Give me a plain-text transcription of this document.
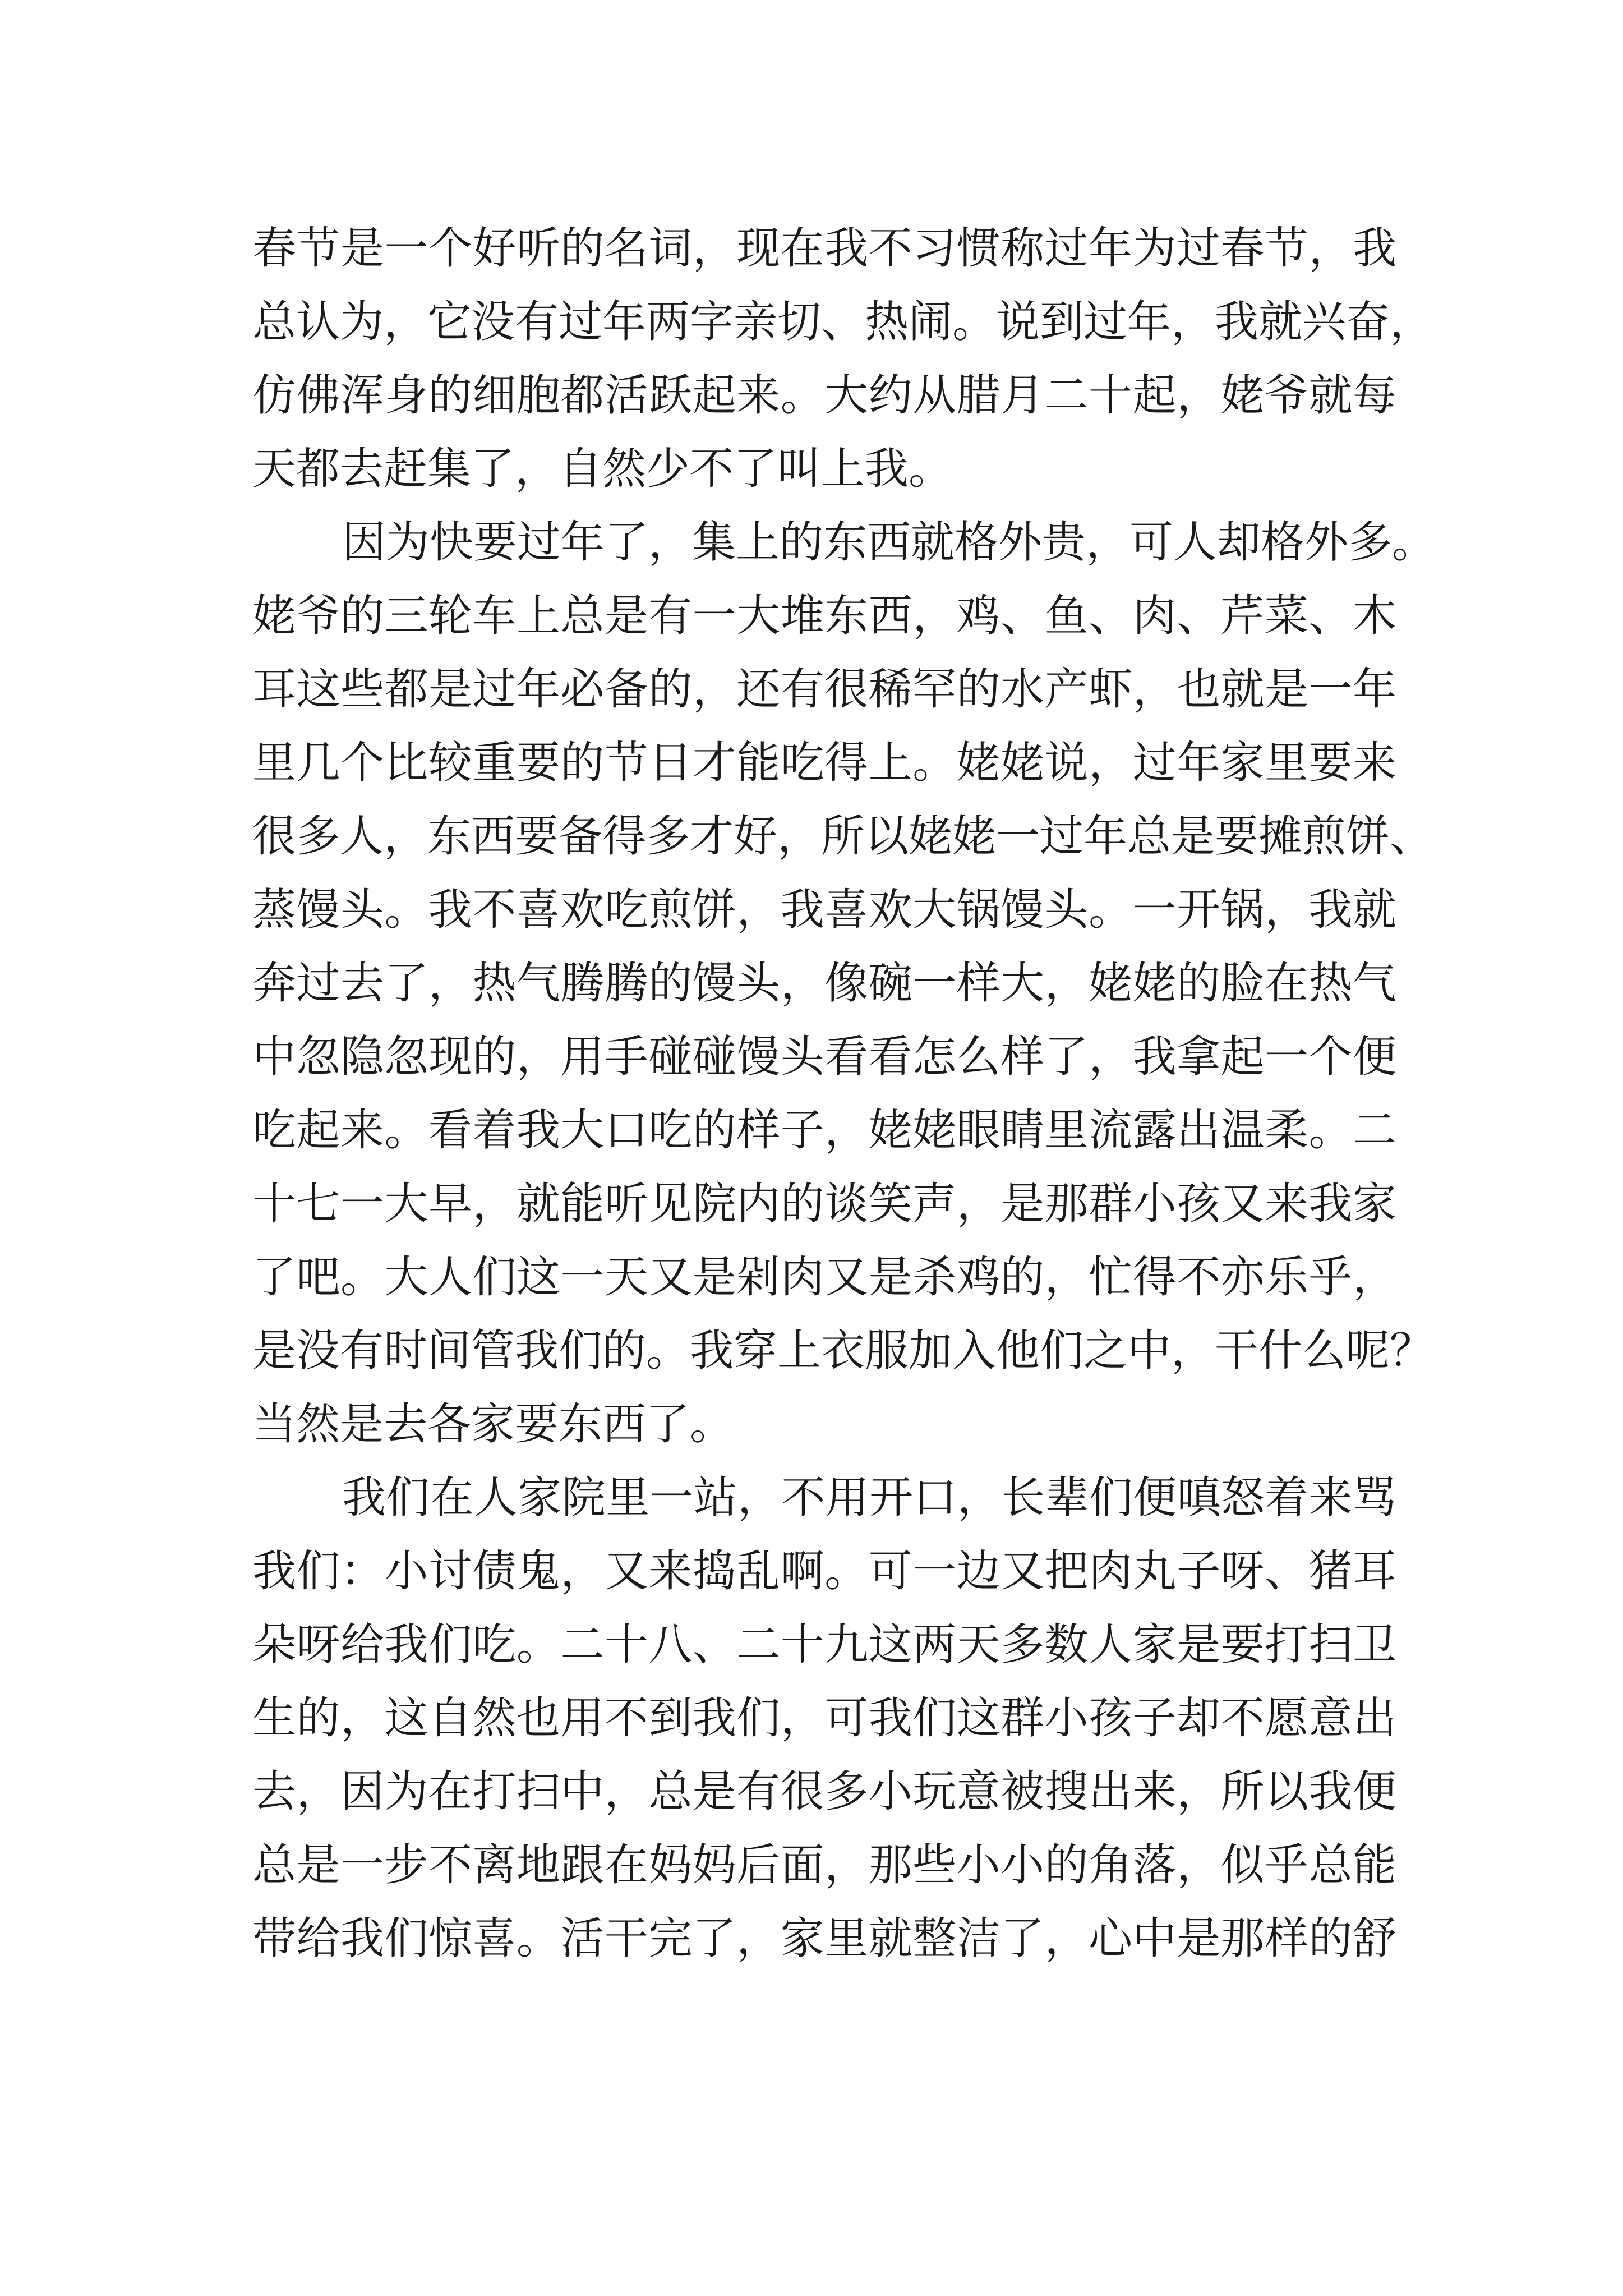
春节是一个好听的名词，现在我不习惯称过年为过春节，我
总认为，它没有过年两字亲切、热闹。说到过年，我就兴奋，
仿佛浑身的细胞都活跃起来。大约从腊月二十起，姥爷就每
天都去赶集了，自然少不了叫上我。
因为快要过年了，集上的东西就格外贵，可人却格外多。
姥爷的三轮车上总是有一大堆东西，鸡、鱼、肉、芹菜、木
耳这些都是过年必备的，还有很稀罕的水产虾，也就是一年
里几个比较重要的节日才能吃得上。姥姥说，过年家里要来
很多人，东西要备得多才好，所以姥姥一过年总是要摊煎饼、
蒸馒头。我不喜欢吃煎饼，我喜欢大锅馒头。一开锅，我就
奔过去了，热气腾腾的馒头，像碗一样大，姥姥的脸在热气
中忽隐忽现的，用手碰碰馒头看看怎么样了，我拿起一个便
吃起来。看着我大口吃的样子，姥姥眼睛里流露出温柔。二
十七一大早，就能听见院内的谈笑声，是那群小孩又来我家
了吧。大人们这一天又是剁肉又是杀鸡的，忙得不亦乐乎，
是没有时间管我们的。我穿上衣服加入他们之中，干什么呢？
当然是去各家要东西了。
我们在人家院里一站，不用开口，长辈们便嗔怒着来骂
我们：小讨债鬼，又来捣乱啊。可一边又把肉丸子呀、猪耳
朵呀给我们吃。二十八、二十九这两天多数人家是要打扫卫
生的，这自然也用不到我们，可我们这群小孩子却不愿意出
去，因为在打扫中，总是有很多小玩意被搜出来，所以我便
总是一步不离地跟在妈妈后面，那些小小的角落，似乎总能
带给我们惊喜。活干完了，家里就整洁了，心中是那样的舒
